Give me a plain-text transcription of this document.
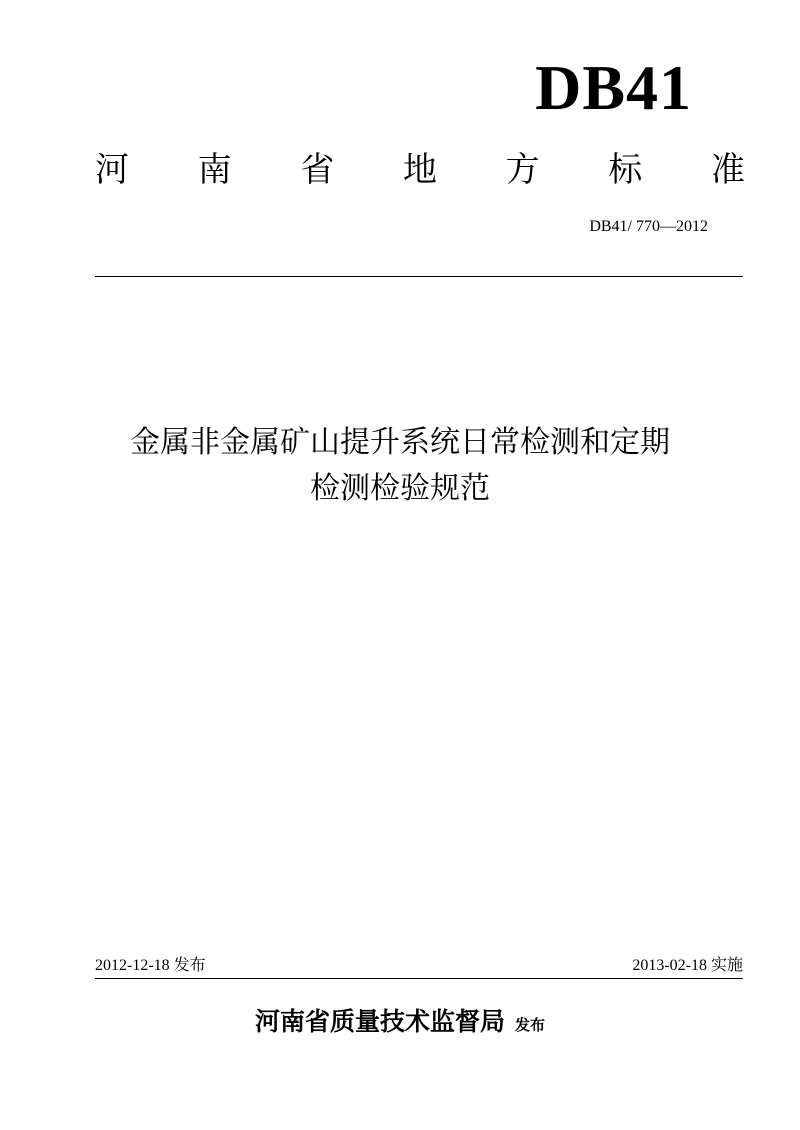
DB41
河 南 省 地 方 标 准
DB41/ 770—2012
金属非金属矿山提升系统日常检测和定期
检测检验规范
2012-12-18 发布	2013-02-18 实施
河南省质量技术监督局 发布
